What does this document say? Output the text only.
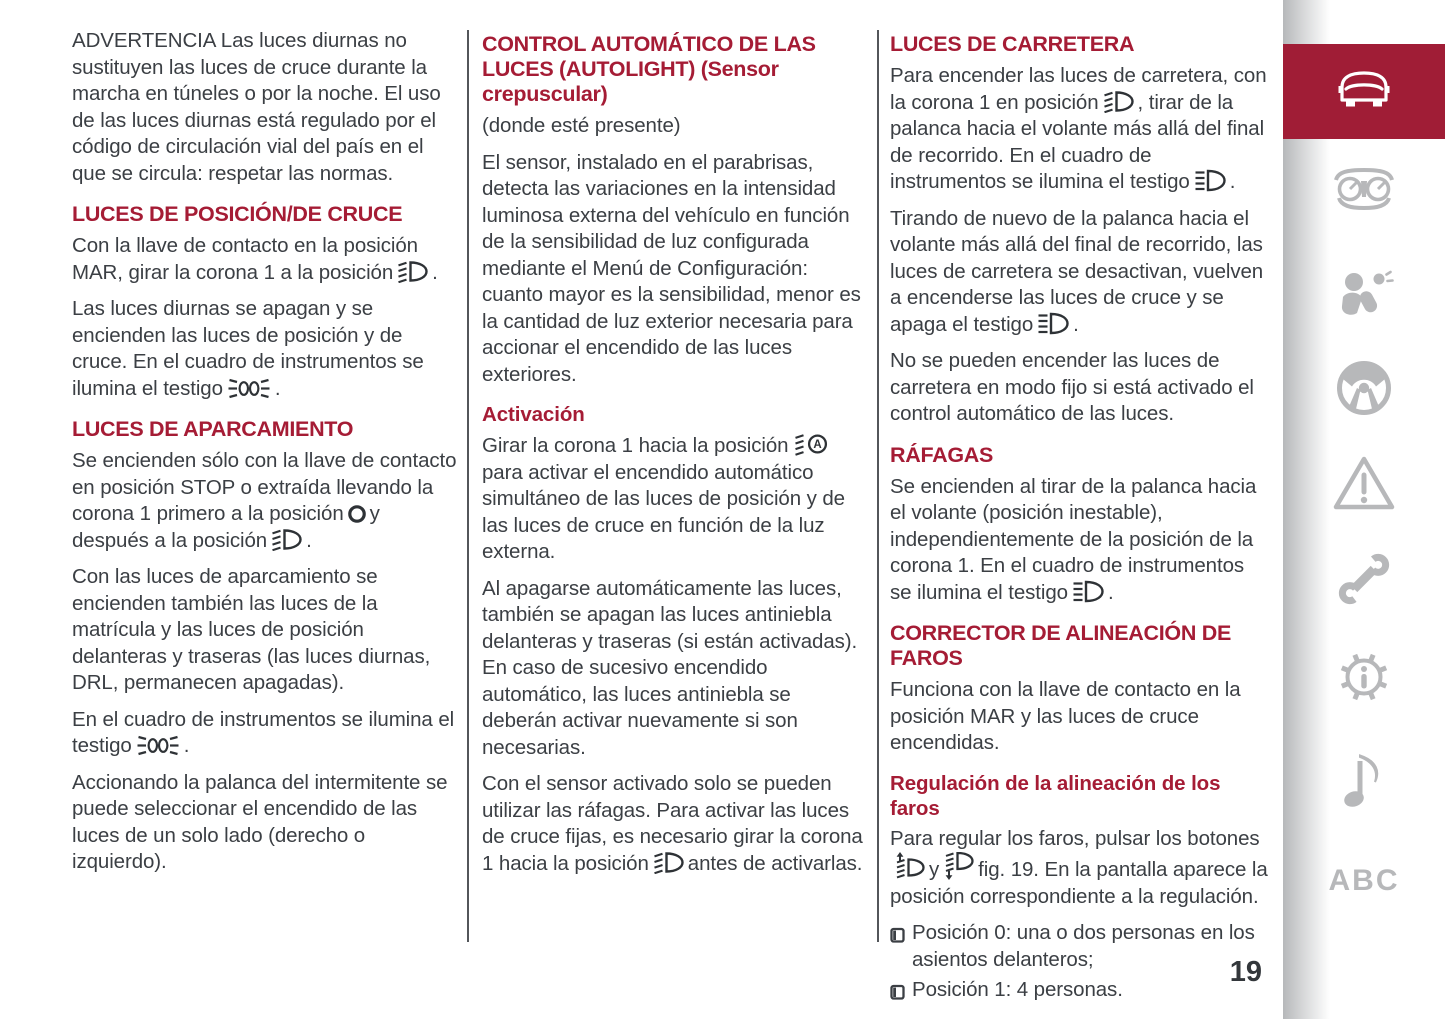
ADVERTENCIA Las luces diurnas no sustituyen las luces de cruce durante la marcha en túneles o por la noche. El uso de las luces diurnas está regulado por el código de circulación vial del país en el que se circula: respetar las normas.

LUCES DE POSICIÓN/DE CRUCE

Con la llave de contacto en la posición MAR, girar la corona 1 a la posición .

Las luces diurnas se apagan y se encienden las luces de posición y de cruce. En el cuadro de instrumentos se ilumina el testigo	.

LUCES DE APARCAMIENTO

Se encienden sólo con la llave de contacto en posición STOP o extraída llevando la corona 1 primero a la posición y después a la posición .

Con las luces de aparcamiento se encienden también las luces de la matrícula y las luces de posición delanteras y traseras (las luces diurnas, DRL, permanecen apagadas).

En el cuadro de instrumentos se ilumina el testigo	.

Accionando la palanca del intermitente se puede seleccionar el encendido de las luces de un solo lado (derecho o izquierdo).

CONTROL AUTOMÁTICO DE LAS LUCES (AUTOLIGHT) (Sensor crepuscular)

(donde esté presente)

El sensor, instalado en el parabrisas, detecta las variaciones en la intensidad luminosa externa del vehículo en función de la sensibilidad de luz configurada mediante el Menú de Configuración: cuanto mayor es la sensibilidad, menor es la cantidad de luz exterior necesaria para accionar el encendido de las luces exteriores.

Activación

Girar la corona 1 hacia la posición A
para activar el encendido automático simultáneo de las luces de posición y de las luces de cruce en función de la luz externa.

Al apagarse automáticamente las luces, también se apagan las luces antiniebla delanteras y traseras (si están activadas). En caso de sucesivo encendido automático, las luces antiniebla se deberán activar nuevamente si son necesarias.

Con el sensor activado solo se pueden utilizar las ráfagas. Para activar las luces de cruce fijas, es necesario girar la corona 1 hacia la posición antes de activarlas.

LUCES DE CARRETERA

Para encender las luces de carretera, con la corona 1 en posición , tirar de la palanca hacia el volante más allá del final de recorrido. En el cuadro de instrumentos se ilumina el testigo .

Tirando de nuevo de la palanca hacia el volante más allá del final de recorrido, las luces de carretera se desactivan, vuelven a encenderse las luces de cruce y se apaga el testigo .

No se pueden encender las luces de carretera en modo fijo si está activado el control automático de las luces.

RÁFAGAS

Se encienden al tirar de la palanca hacia el volante (posición inestable), independientemente de la posición de la corona 1. En el cuadro de instrumentos se ilumina el testigo .

CORRECTOR DE ALINEACIÓN DE FAROS

Funciona con la llave de contacto en la posición MAR y las luces de cruce encendidas.

Regulación de la alineación de los faros

Para regular los faros, pulsar los botones
y fig. 19. En la pantalla aparece la posición correspondiente a la regulación.

Posición 0: una o dos personas en los asientos delanteros;
Posición 1: 4 personas.
ABC
19
